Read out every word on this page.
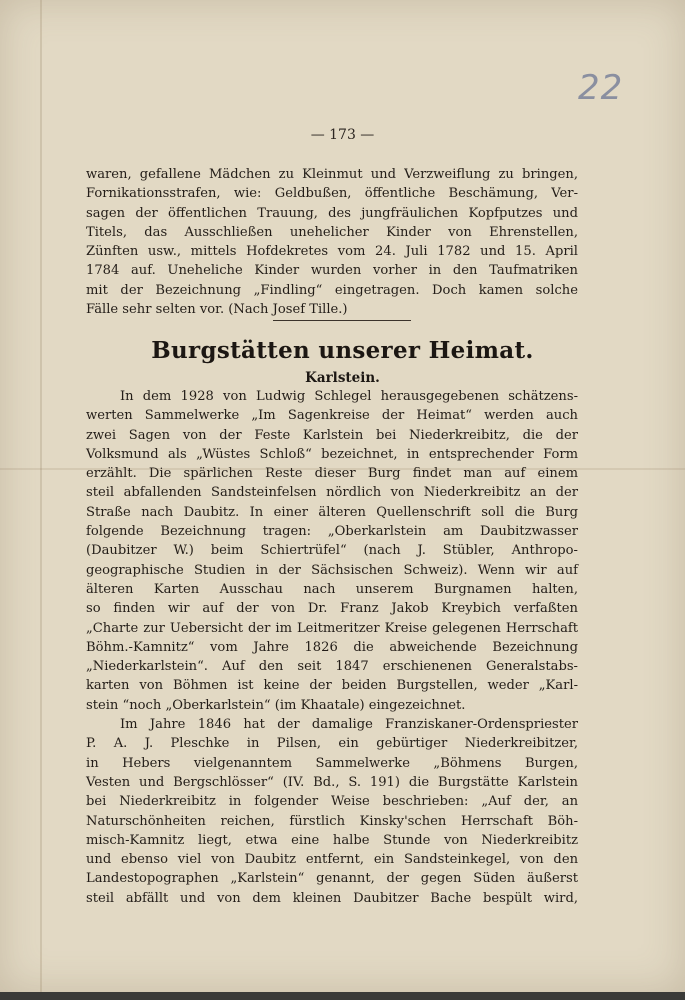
22
— 173 —
waren, gefallene Mädchen zu Kleinmut und Verzweiflung zu bringen,
Fornikationsstrafen, wie: Geldbußen, öffentliche Beschämung, Ver-
sagen der öffentlichen Trauung, des jungfräulichen Kopfputzes und
Titels, das Ausschließen unehelicher Kinder von Ehrenstellen,
Zünften usw., mittels Hofdekretes vom 24. Juli 1782 und 15. April
1784 auf. Uneheliche Kinder wurden vorher in den Taufmatriken
mit der Bezeichnung „Findling“ eingetragen. Doch kamen solche
Fälle sehr selten vor. (Nach Josef Tille.)
Burgstätten unserer Heimat.
Karlstein.
In dem 1928 von Ludwig Schlegel herausgegebenen schätzens-
werten Sammelwerke „Im Sagenkreise der Heimat“ werden auch
zwei Sagen von der Feste Karlstein bei Niederkreibitz, die der
Volksmund als „Wüstes Schloß“ bezeichnet, in entsprechender Form
erzählt. Die spärlichen Reste dieser Burg findet man auf einem
steil abfallenden Sandsteinfelsen nördlich von Niederkreibitz an der
Straße nach Daubitz. In einer älteren Quellenschrift soll die Burg
folgende Bezeichnung tragen: „Oberkarlstein am Daubitzwasser
(Daubitzer W.) beim Schiertrüfel“ (nach J. Stübler, Anthropo-
geographische Studien in der Sächsischen Schweiz). Wenn wir auf
älteren Karten Ausschau nach unserem Burgnamen halten,
so finden wir auf der von Dr. Franz Jakob Kreybich verfaßten
„Charte zur Uebersicht der im Leitmeritzer Kreise gelegenen Herrschaft
Böhm.-Kamnitz“ vom Jahre 1826 die abweichende Bezeichnung
„Niederkarlstein“. Auf den seit 1847 erschienenen Generalstabs-
karten von Böhmen ist keine der beiden Burgstellen, weder „Karl-
stein “noch „Oberkarlstein“ (im Khaatale) eingezeichnet.
Im Jahre 1846 hat der damalige Franziskaner-Ordenspriester
P. A. J. Pleschke in Pilsen, ein gebürtiger Niederkreibitzer,
in Hebers vielgenanntem Sammelwerke „Böhmens Burgen,
Vesten und Bergschlösser“ (IV. Bd., S. 191) die Burgstätte Karlstein
bei Niederkreibitz in folgender Weise beschrieben: „Auf der, an
Naturschönheiten reichen, fürstlich Kinsky'schen Herrschaft Böh-
misch-Kamnitz liegt, etwa eine halbe Stunde von Niederkreibitz
und ebenso viel von Daubitz entfernt, ein Sandsteinkegel, von den
Landestopographen „Karlstein“ genannt, der gegen Süden äußerst
steil abfällt und von dem kleinen Daubitzer Bache bespült wird,
